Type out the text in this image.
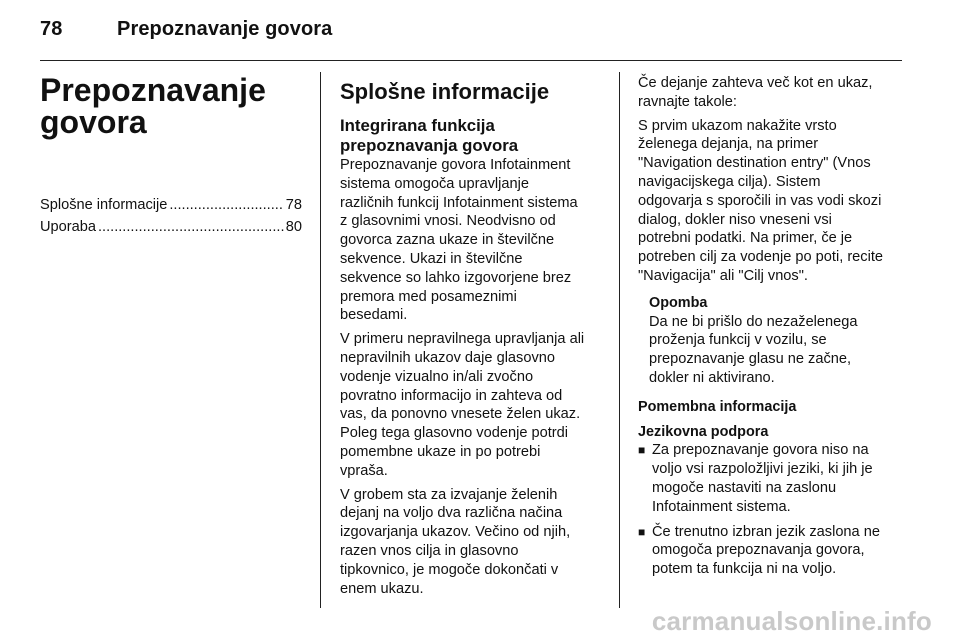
78	Prepoznavanje govora
Prepoznavanje
govora
Splošne informacije .....	78
Uporaba .....	80
Splošne informacije
Integrirana funkcija
prepoznavanja govora
Prepoznavanje govora Infotainment
sistema omogoča upravljanje
različnih funkcij Infotainment sistema
z glasovnimi vnosi. Neodvisno od
govorca zazna ukaze in številčne
sekvence. Ukazi in številčne
sekvence so lahko izgovorjene brez
premora med posameznimi
besedami.
V primeru nepravilnega upravljanja ali
nepravilnih ukazov daje glasovno
vodenje vizualno in/ali zvočno
povratno informacijo in zahteva od
vas, da ponovno vnesete želen ukaz.
Poleg tega glasovno vodenje potrdi
pomembne ukaze in po potrebi
vpraša.
V grobem sta za izvajanje želenih
dejanj na voljo dva različna načina
izgovarjanja ukazov. Večino od njih,
razen vnos cilja in glasovno
tipkovnico, je mogoče dokončati v
enem ukazu.
Če dejanje zahteva več kot en ukaz,
ravnajte takole:
S prvim ukazom nakažite vrsto
želenega dejanja, na primer
"Navigation destination entry" (Vnos
navigacijskega cilja). Sistem
odgovarja s sporočili in vas vodi skozi
dialog, dokler niso vneseni vsi
potrebni podatki. Na primer, če je
potreben cilj za vodenje po poti, recite
"Navigacija" ali "Cilj vnos".
Opomba
Da ne bi prišlo do nezaželenega
proženja funkcij v vozilu, se
prepoznavanje glasu ne začne,
dokler ni aktivirano.
Pomembna informacija
Jezikovna podpora
■ Za prepoznavanje govora niso na
voljo vsi razpoložljivi jeziki, ki jih je
mogoče nastaviti na zaslonu
Infotainment sistema.
■ Če trenutno izbran jezik zaslona ne
omogoča prepoznavanja govora,
potem ta funkcija ni na voljo.
carmanualsonline.info
